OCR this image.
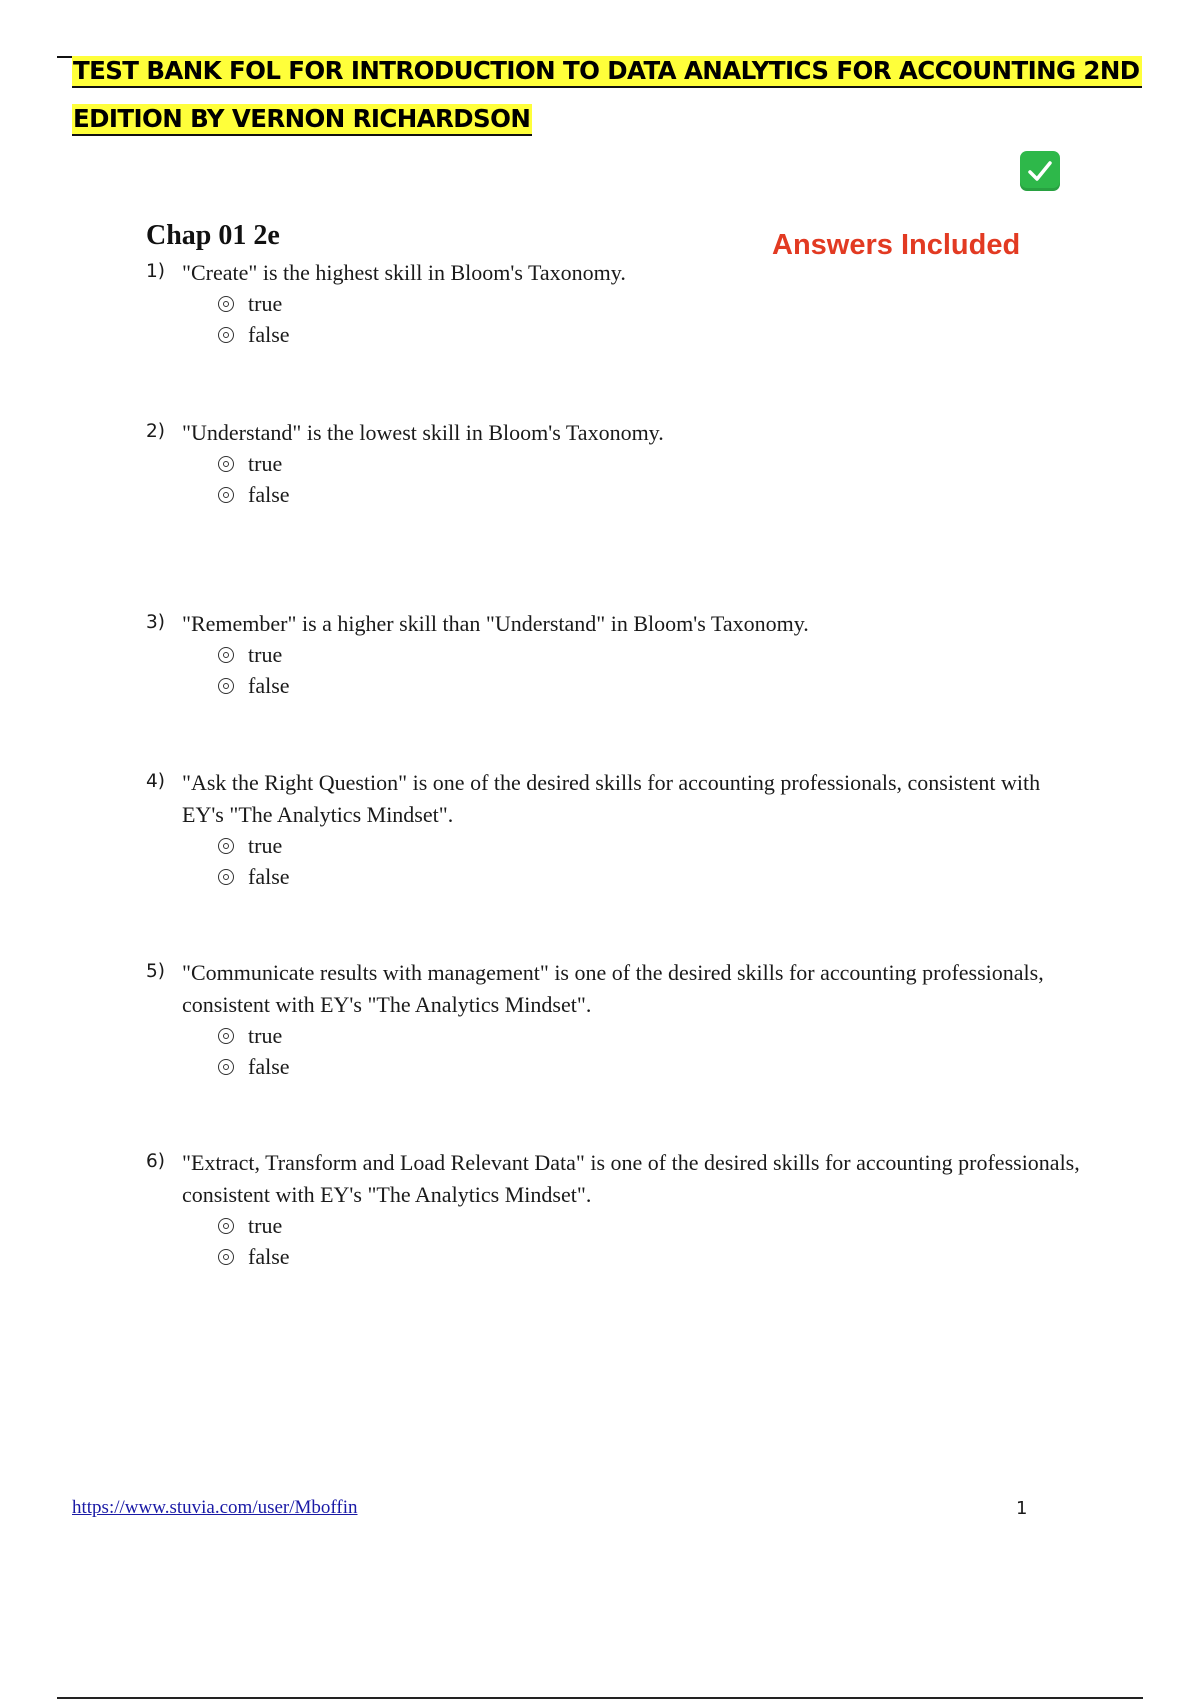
TEST BANK FOL FOR INTRODUCTION TO DATA ANALYTICS FOR ACCOUNTING 2ND
EDITION BY VERNON RICHARDSON
Answers Included
Chap 01 2e
1) "Create" is the highest skill in Bloom's Taxonomy.
true
false
2) "Understand" is the lowest skill in Bloom's Taxonomy.
true
false
3) "Remember" is a higher skill than "Understand" in Bloom's Taxonomy.
true
false
4) "Ask the Right Question" is one of the desired skills for accounting professionals, consistent with EY's "The Analytics Mindset".
true
false
5) "Communicate results with management" is one of the desired skills for accounting professionals, consistent with EY's "The Analytics Mindset".
true
false
6) "Extract, Transform and Load Relevant Data" is one of the desired skills for accounting professionals, consistent with EY's "The Analytics Mindset".
true
false
https://www.stuvia.com/user/Mboffin	1
